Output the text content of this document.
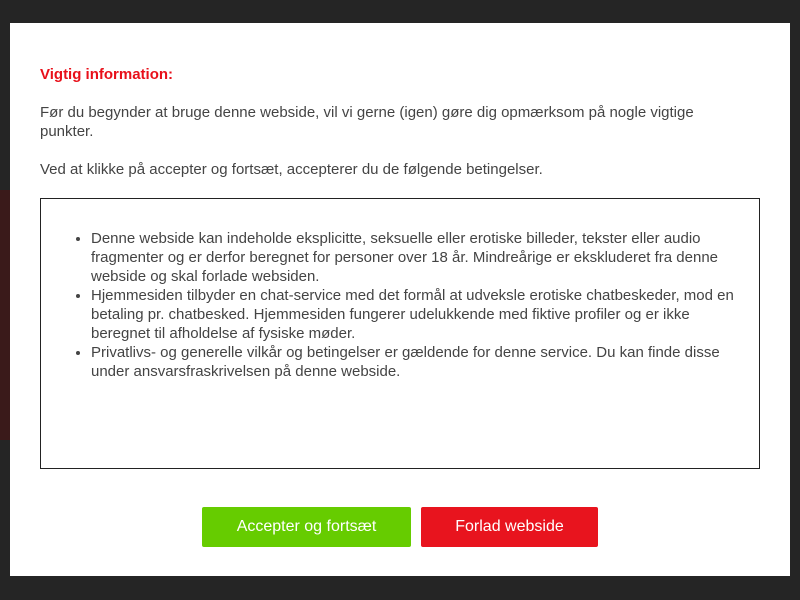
Vigtig information:

Før du begynder at bruge denne webside, vil vi gerne (igen) gøre dig opmærksom på nogle vigtige punkter.

Ved at klikke på accepter og fortsæt, accepterer du de følgende betingelser.

• Denne webside kan indeholde eksplicitte, seksuelle eller erotiske billeder, tekster eller audio fragmenter og er derfor beregnet for personer over 18 år. Mindreårige er ekskluderet fra denne webside og skal forlade websiden.
• Hjemmesiden tilbyder en chat-service med det formål at udveksle erotiske chatbeskeder, mod en betaling pr. chatbesked. Hjemmesiden fungerer udelukkende med fiktive profiler og er ikke beregnet til afholdelse af fysiske møder.
• Privatlivs- og generelle vilkår og betingelser er gældende for denne service. Du kan finde disse under ansvarsfraskrivelsen på denne webside.
Accepter og fortsæt	Forlad webside
